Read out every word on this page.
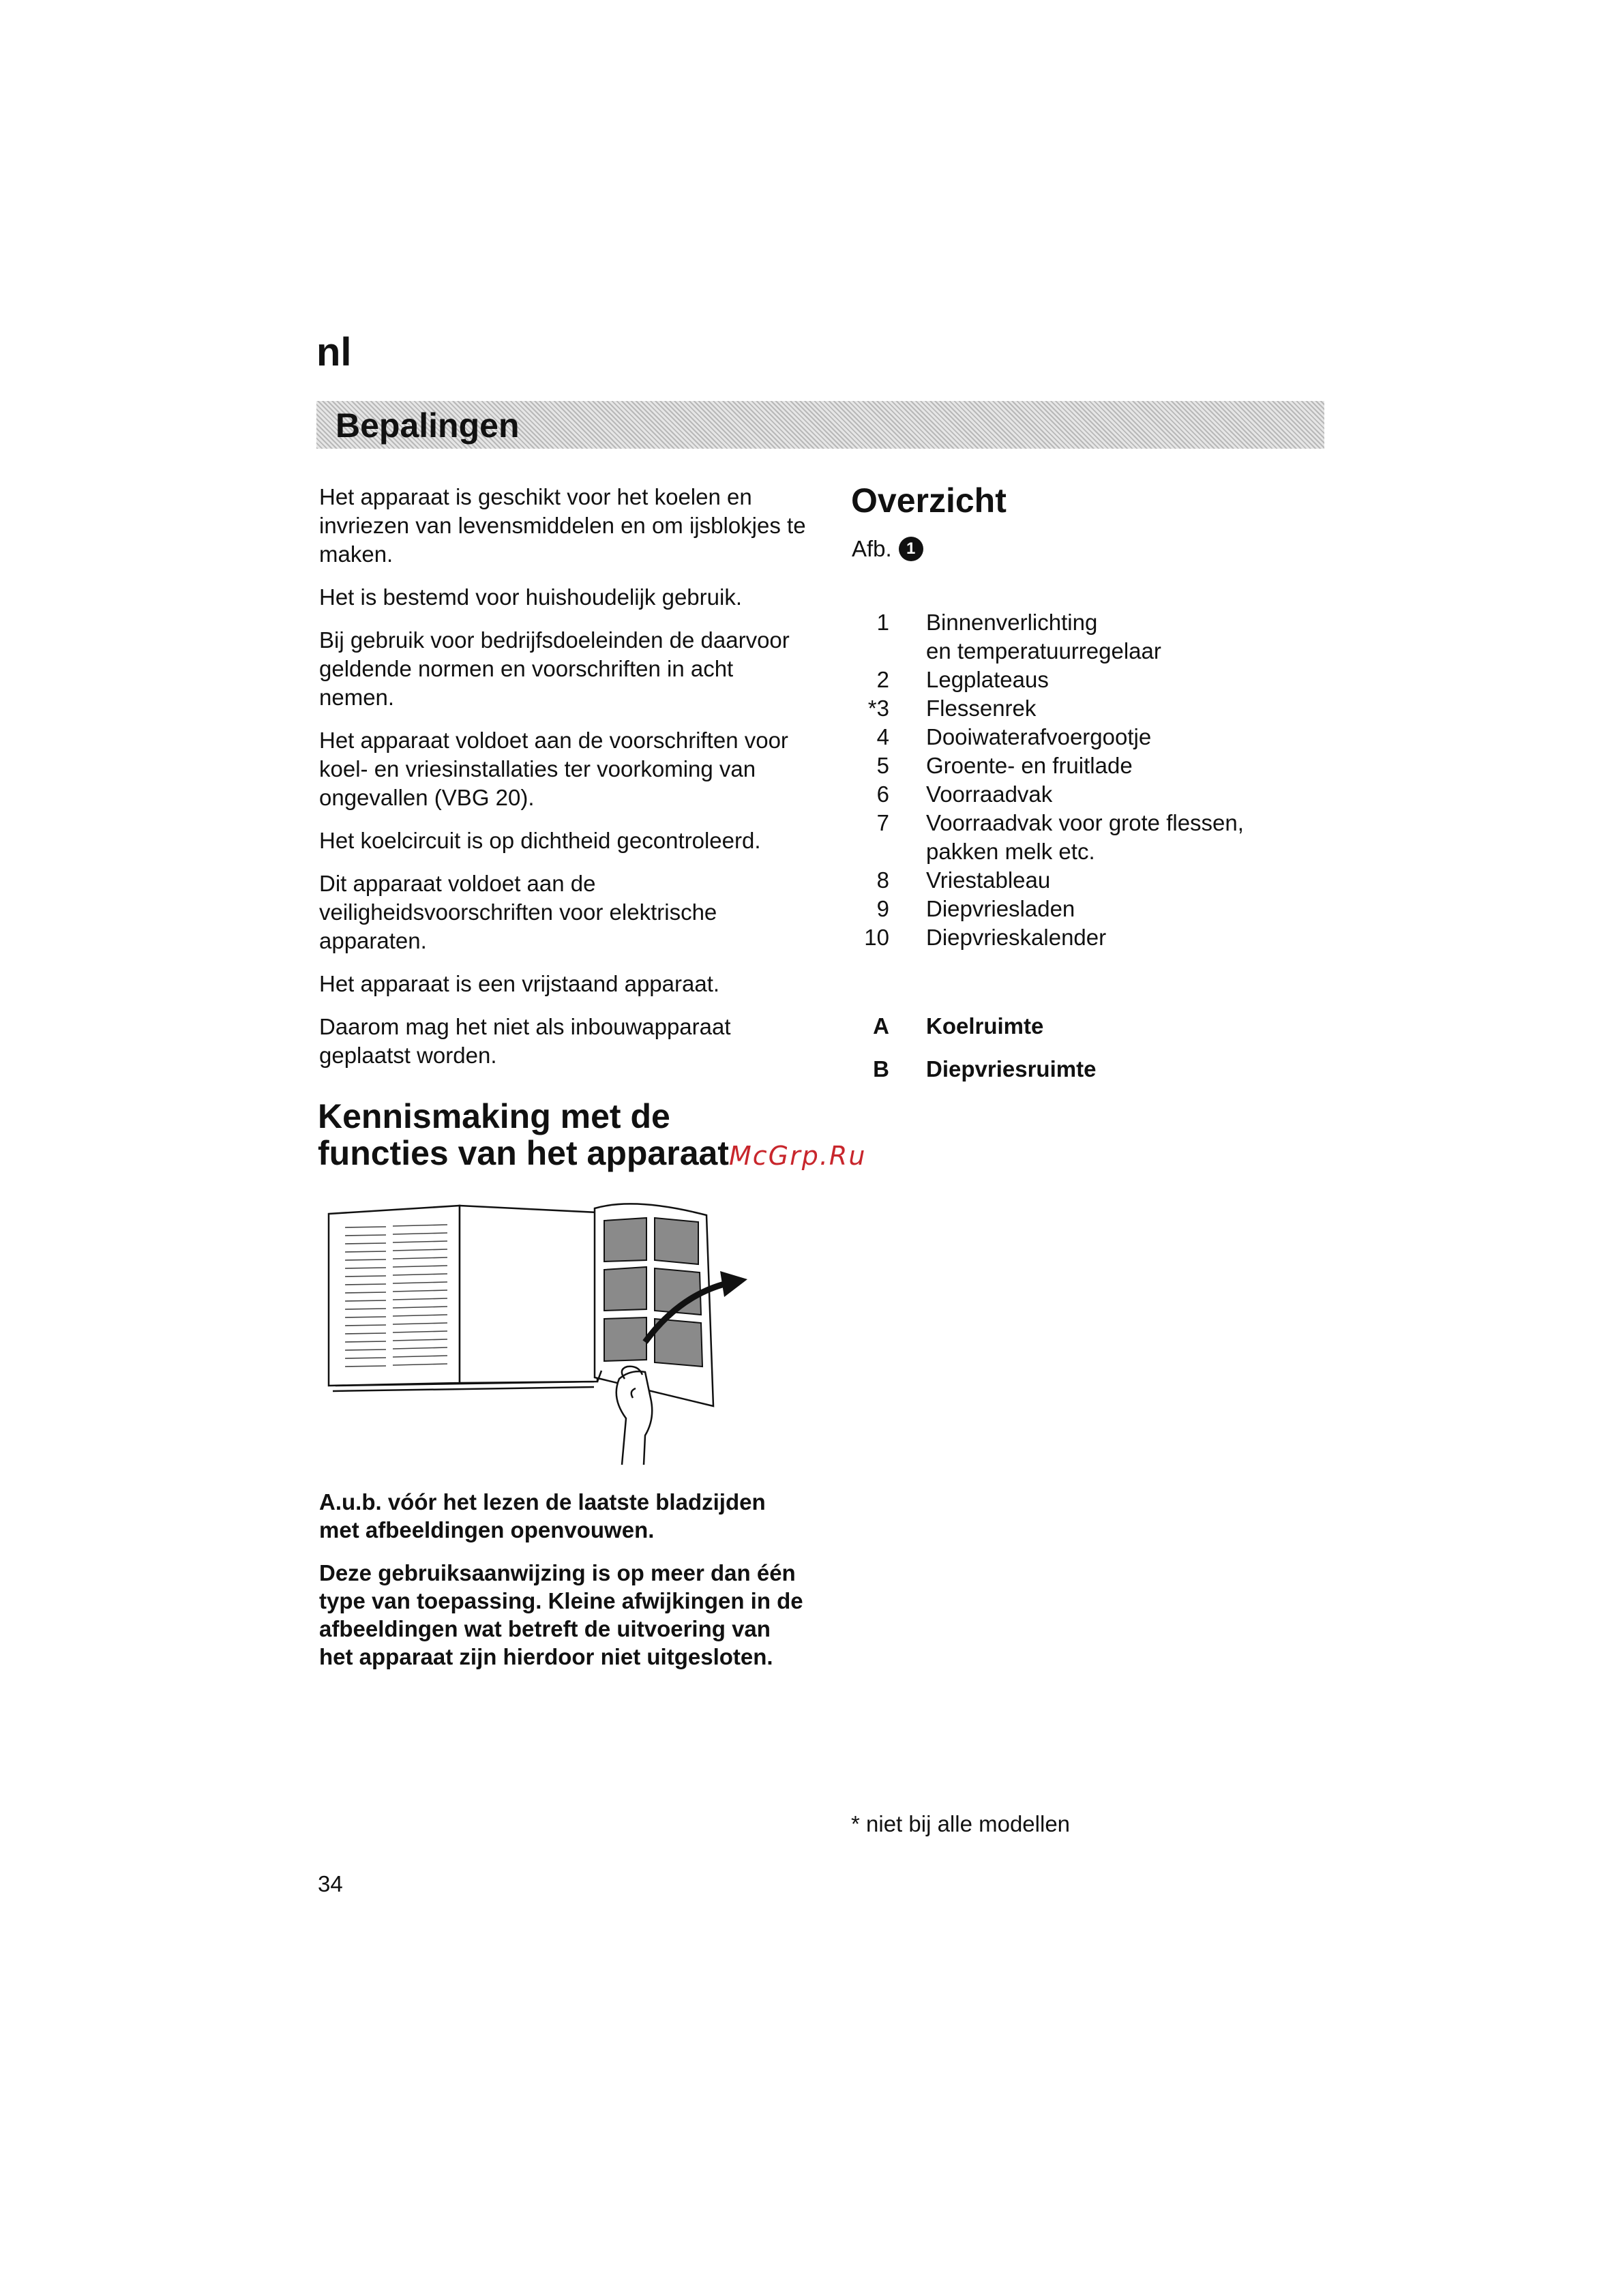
nl
Bepalingen

Het apparaat is geschikt voor het koelen en invriezen van levensmiddelen en om ijsblokjes te maken.

Het is bestemd voor huishoudelijk gebruik.

Bij gebruik voor bedrijfsdoeleinden de daarvoor geldende normen en voorschriften in acht nemen.

Het apparaat voldoet aan de voorschriften voor koel- en vriesinstallaties ter voorkoming van ongevallen (VBG 20).

Het koelcircuit is op dichtheid gecontroleerd.

Dit apparaat voldoet aan de veiligheidsvoorschriften voor elektrische apparaten.

Het apparaat is een vrijstaand apparaat.

Daarom mag het niet als inbouwapparaat geplaatst worden.

Kennismaking met de
functies van het apparaatMcGrp.Ru

A.u.b. vóór het lezen de laatste bladzijden met afbeeldingen openvouwen.

Deze gebruiksaanwijzing is op meer dan één type van toepassing. Kleine afwijkingen in de afbeeldingen wat betreft de uitvoering van het apparaat zijn hierdoor niet uitgesloten.

Overzicht

Afb. 1

1 Binnenverlichting
en temperatuurregelaar
2 Legplateaus
*3 Flessenrek
4 Dooiwaterafvoergootje
5 Groente- en fruitlade
6 Voorraadvak
7 Voorraadvak voor grote flessen,
pakken melk etc.
8 Vriestableau
9 Diepvriesladen
10 Diepvrieskalender
A Koelruimte
B Diepvriesruimte

* niet bij alle modellen

34
